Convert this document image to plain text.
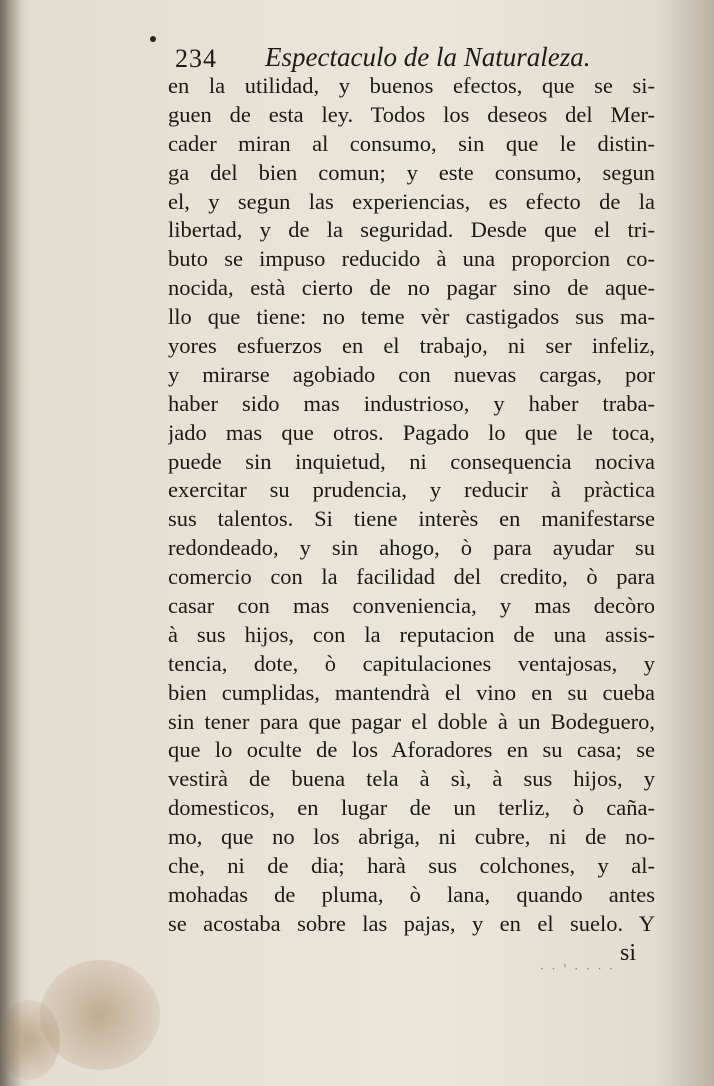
234 Espectaculo de la Naturaleza.
en la utilidad, y buenos efectos, que se si-
guen de esta ley. Todos los deseos del Mer-
cader miran al consumo, sin que le distin-
ga del bien comun; y este consumo, segun
el, y segun las experiencias, es efecto de la
libertad, y de la seguridad. Desde que el tri-
buto se impuso reducido à una proporcion co-
nocida, està cierto de no pagar sino de aque-
llo que tiene: no teme vèr castigados sus ma-
yores esfuerzos en el trabajo, ni ser infeliz,
y mirarse agobiado con nuevas cargas, por
haber sido mas industrioso, y haber traba-
jado mas que otros. Pagado lo que le toca,
puede sin inquietud, ni consequencia nociva
exercitar su prudencia, y reducir à pràctica
sus talentos. Si tiene interès en manifestarse
redondeado, y sin ahogo, ò para ayudar su
comercio con la facilidad del credito, ò para
casar con mas conveniencia, y mas decòro
à sus hijos, con la reputacion de una assis-
tencia, dote, ò capitulaciones ventajosas, y
bien cumplidas, mantendrà el vino en su cueba
sin tener para que pagar el doble à un Bodeguero,
que lo oculte de los Aforadores en su casa; se
vestirà de buena tela à sì, à sus hijos, y
domesticos, en lugar de un terliz, ò caña-
mo, que no los abriga, ni cubre, ni de no-
che, ni de dia; harà sus colchones, y al-
mohadas de pluma, ò lana, quando antes
se acostaba sobre las pajas, y en el suelo. Y
si
· · ' · · · ·
